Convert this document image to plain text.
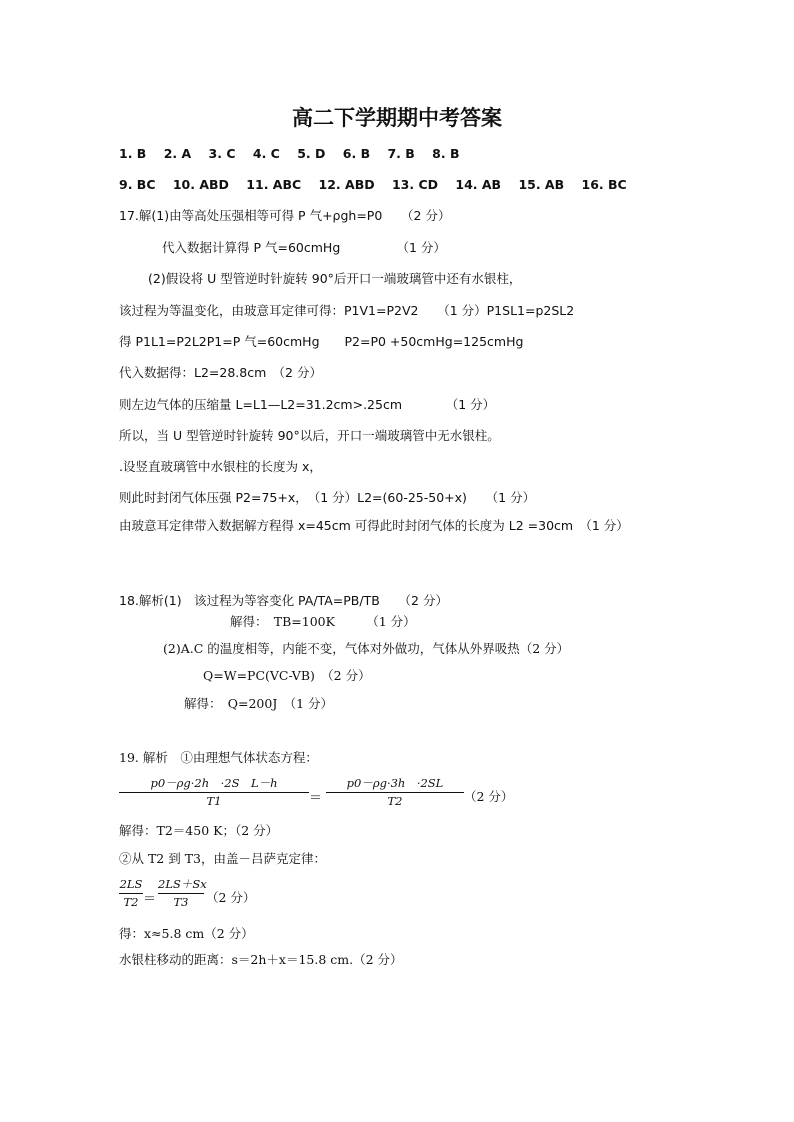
高二下学期期中考答案
1. B 2. A 3. C 4. C 5. D 6. B 7. B 8. B
9. BC 10. ABD 11. ABC 12. ABD 13. CD 14. AB 15. AB 16. BC
17.解(1)由等高处压强相等可得 P 气+ρgh=P0　　（2 分）
代入数据计算得 P 气=60cmHg　　　　　（1 分）
(2)假设将 U 型管逆时针旋转 90°后开口一端玻璃管中还有水银柱，
该过程为等温变化，由玻意耳定律可得：P1V1=P2V2　　（1 分）P1SL1=p2SL2
得 P1L1=P2L2P1=P 气=60cmHg　　P2=P0 +50cmHg=125cmHg
代入数据得：L2=28.8cm　（2 分）
则左边气体的压缩量 L=L1—L2=31.2cm>.25cm　　　　（1 分）
所以，当 U 型管逆时针旋转 90°以后，开口一端玻璃管中无水银柱。
.设竖直玻璃管中水银柱的长度为 x，
则此时封闭气体压强 P2=75+x，　（1 分）L2=(60-25-50+x)　　（1 分）
由玻意耳定律带入数据解方程得 x=45cm 可得此时封闭气体的长度为 L2 =30cm　（1 分）
18.解析(1)　该过程为等容变化 PA/TA=PB/TB　　（2 分）
解得：　TB=100K　　　（1 分）
(2)A.C 的温度相等，内能不变，气体对外做功，气体从外界吸热（2 分）
Q=W=PC(VC-VB)　（2 分）
解得：　Q=200J　（1 分）
19. 解析　①由理想气体状态方程：
p0－ρg·2h　·2S　L－h
T1	＝
p0－ρg·3h　·2SL
T2	（2 分）
解得：T2＝450 K；（2 分）
②从 T2 到 T3，由盖－吕萨克定律：
2LS
T2 ＝
2LS＋Sx
T3	（2 分）
得：x≈5.8 cm（2 分）
水银柱移动的距离：s＝2h＋x＝15.8 cm.（2 分）
